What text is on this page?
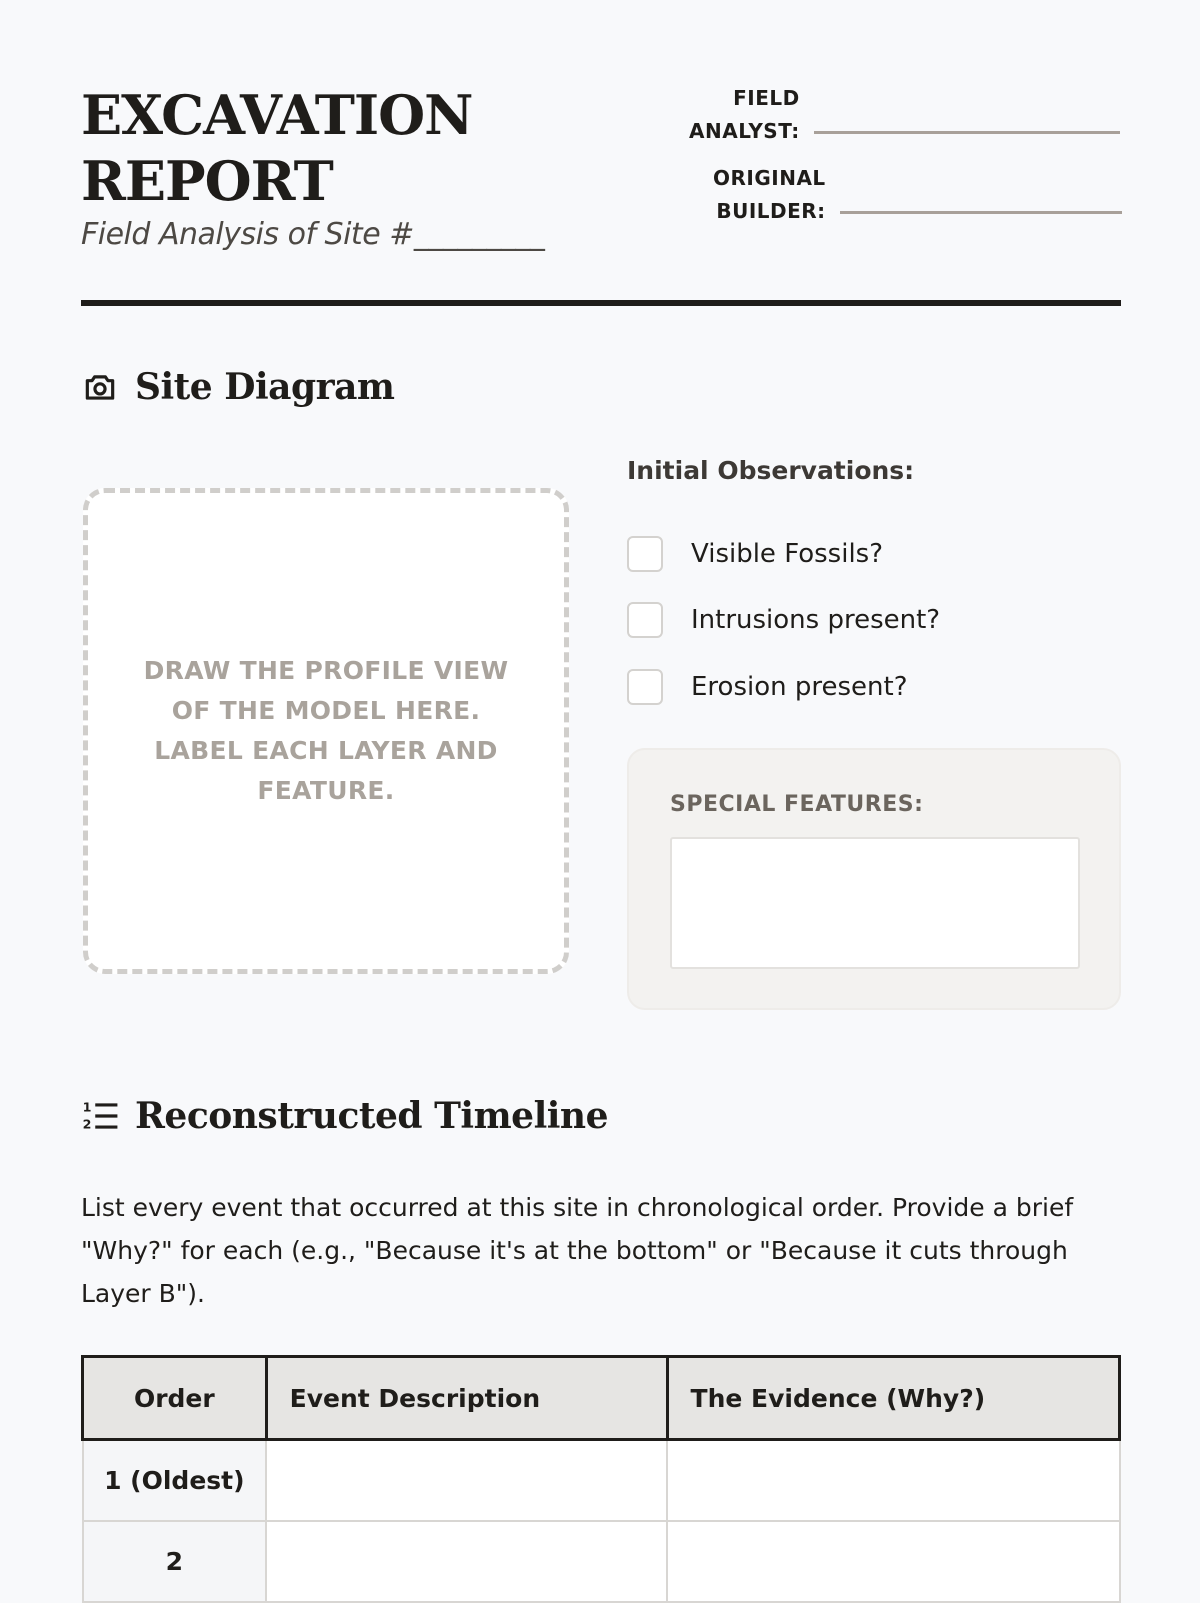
EXCAVATION
REPORT
Field Analysis of Site #_________
FIELD
ANALYST:
ORIGINAL
BUILDER:
Site Diagram
DRAW THE PROFILE VIEW OF THE MODEL HERE.
LABEL EACH LAYER AND FEATURE.
Initial Observations:
Visible Fossils?
Intrusions present?
Erosion present?
SPECIAL FEATURES:
1
2 Reconstructed Timeline

List every event that occurred at this site in chronological order. Provide a brief "Why?" for each (e.g., "Because it's at the bottom" or "Because it cuts through Layer B").

Order	Event Description	The Evidence (Why?)
1 (Oldest)		
2		
